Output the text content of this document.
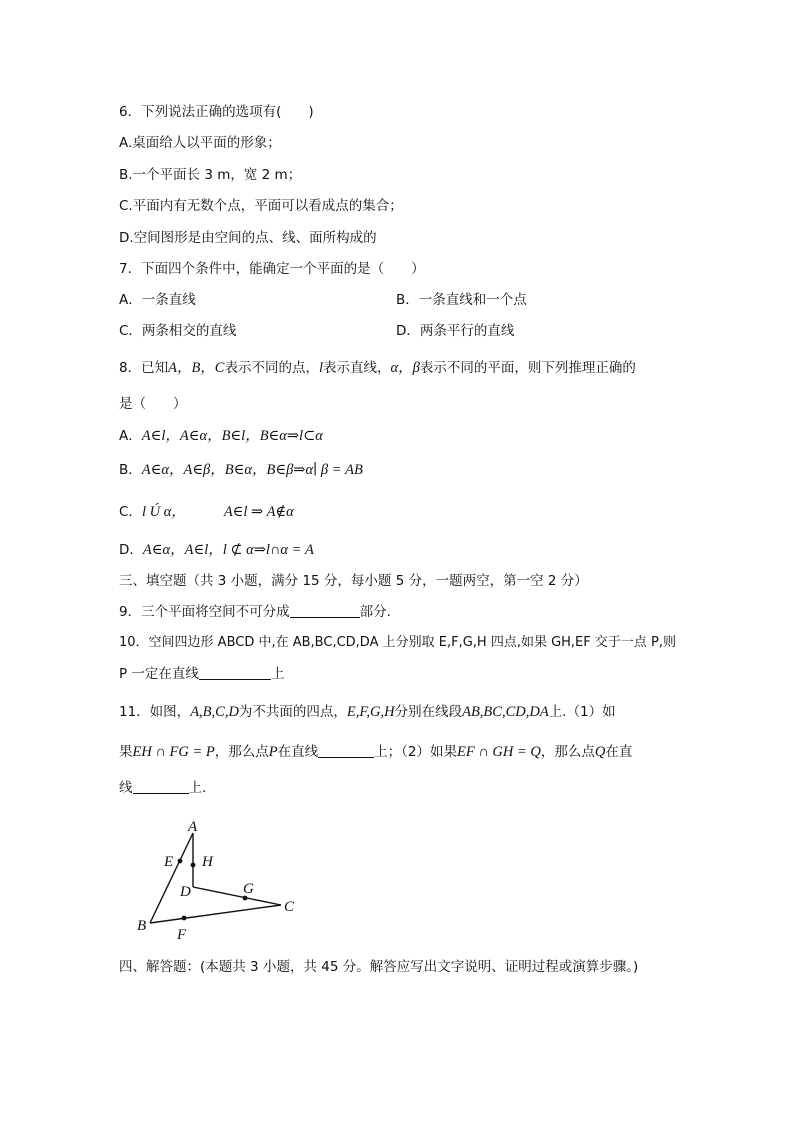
6．下列说法正确的选项有(　　)
A.桌面给人以平面的形象；
B.一个平面长 3 m，宽 2 m；
C.平面内有无数个点，平面可以看成点的集合；
D.空间图形是由空间的点、线、面所构成的
7．下面四个条件中，能确定一个平面的是（　　）
A．一条直线	B．一条直线和一个点
C．两条相交的直线	D．两条平行的直线
8．已知A，B，C表示不同的点，l表示直线，α，β表示不同的平面，则下列推理正确的
是（　　）
A．A∈l，A∈α，B∈l，B∈α⇒l⊂α
B．A∈α，A∈β，B∈α，B∈β⇒α∣ β = AB
C．l Ú α，	A∈l ⇒ A∉α
D．A∈α，A∈l，l ⊄ α⇒l∩α = A
三、填空题（共 3 小题，满分 15 分，每小题 5 分，一题两空，第一空 2 分）
9．三个平面将空间不可分成	部分.
10．空间四边形 ABCD 中,在 AB,BC,CD,DA 上分别取 E,F,G,H 四点,如果 GH,EF 交于一点 P,则
P 一定在直线	上
11．如图，A,B,C,D为不共面的四点，E,F,G,H分别在线段AB,BC,CD,DA上.（1）如
果EH ∩ FG = P，那么点P在直线	上；（2）如果EF ∩ GH = Q，那么点Q在直
线	上.
A
B
C
D
E
F
G
H
四、解答题：(本题共 3 小题，共 45 分。解答应写出文字说明、证明过程或演算步骤。)
